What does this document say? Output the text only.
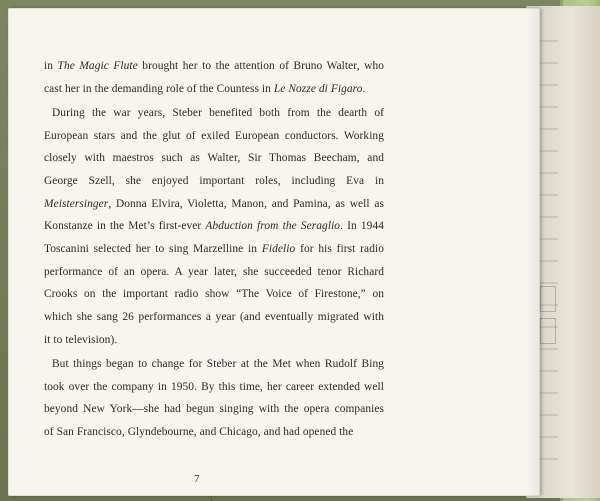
in The Magic Flute brought her to the attention of Bruno Walter, who
cast her in the demanding role of the Countess in Le Nozze di Figaro.

During the war years, Steber benefited both from the dearth of
European stars and the glut of exiled European conductors. Working
closely with maestros such as Walter, Sir Thomas Beecham, and
George Szell, she enjoyed important roles, including Eva in
Meistersinger, Donna Elvira, Violetta, Manon, and Pamina, as well as
Konstanze in the Met’s first-ever Abduction from the Seraglio. In 1944
Toscanini selected her to sing Marzelline in Fidelio for his first radio
performance of an opera. A year later, she succeeded tenor Richard
Crooks on the important radio show “The Voice of Firestone,” on
which she sang 26 performances a year (and eventually migrated with
it to television).

But things began to change for Steber at the Met when Rudolf Bing
took over the company in 1950. By this time, her career extended well
beyond New York—she had begun singing with the opera companies
of San Francisco, Glyndebourne, and Chicago, and had opened the

7
